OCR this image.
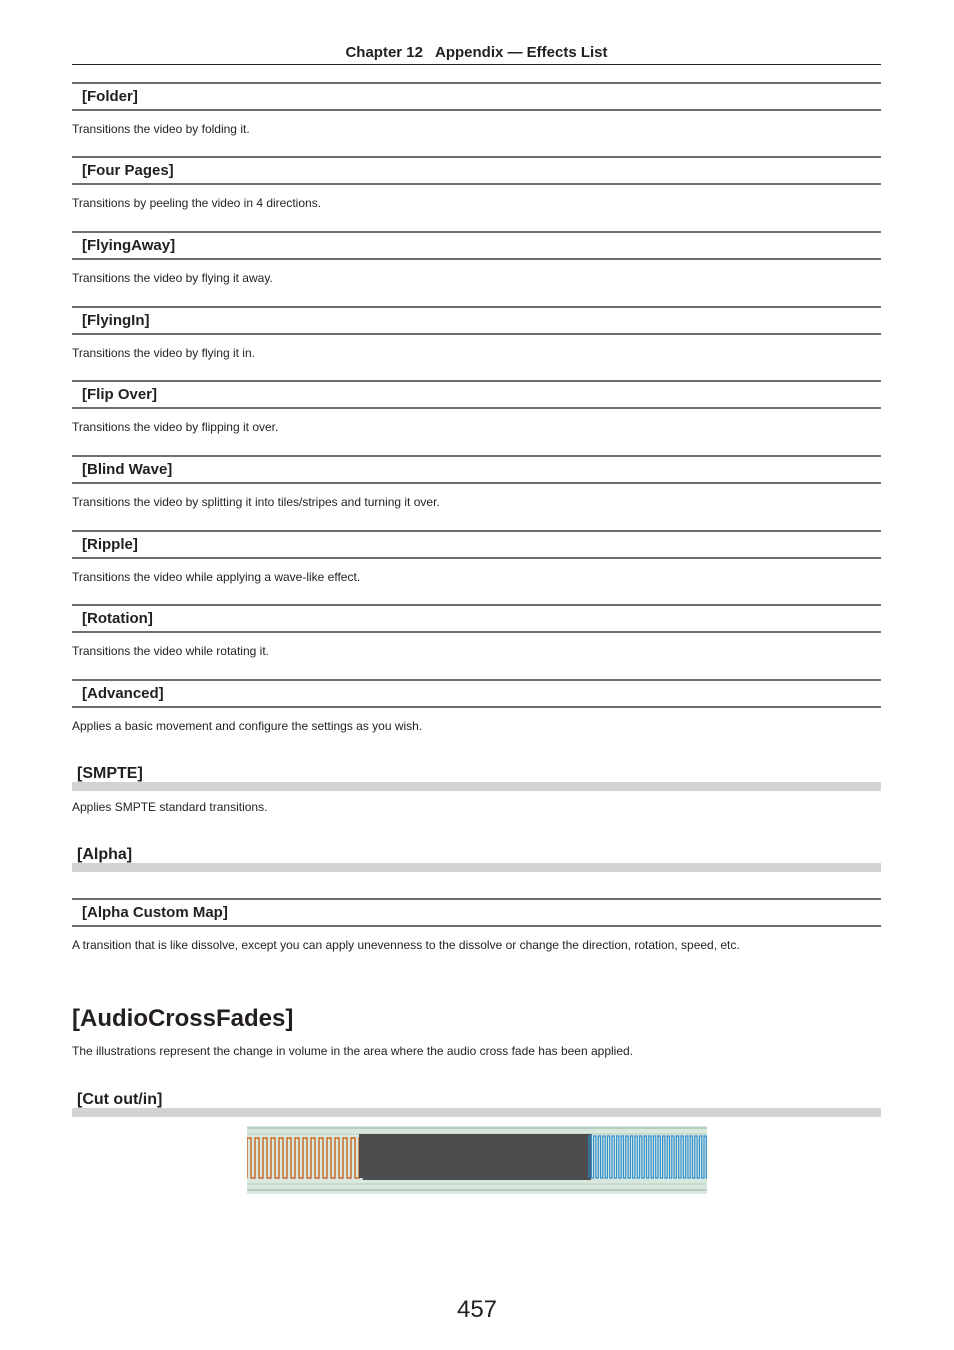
Chapter 12 Appendix — Effects List
[Folder]
Transitions the video by folding it.
[Four Pages]
Transitions by peeling the video in 4 directions.
[FlyingAway]
Transitions the video by flying it away.
[FlyingIn]
Transitions the video by flying it in.
[Flip Over]
Transitions the video by flipping it over.
[Blind Wave]
Transitions the video by splitting it into tiles/stripes and turning it over.
[Ripple]
Transitions the video while applying a wave-like effect.
[Rotation]
Transitions the video while rotating it.
[Advanced]
Applies a basic movement and configure the settings as you wish.
[SMPTE]
Applies SMPTE standard transitions.
[Alpha]
[Alpha Custom Map]
A transition that is like dissolve, except you can apply unevenness to the dissolve or change the direction, rotation, speed, etc.
[AudioCrossFades]
The illustrations represent the change in volume in the area where the audio cross fade has been applied.
[Cut out/in]
457
